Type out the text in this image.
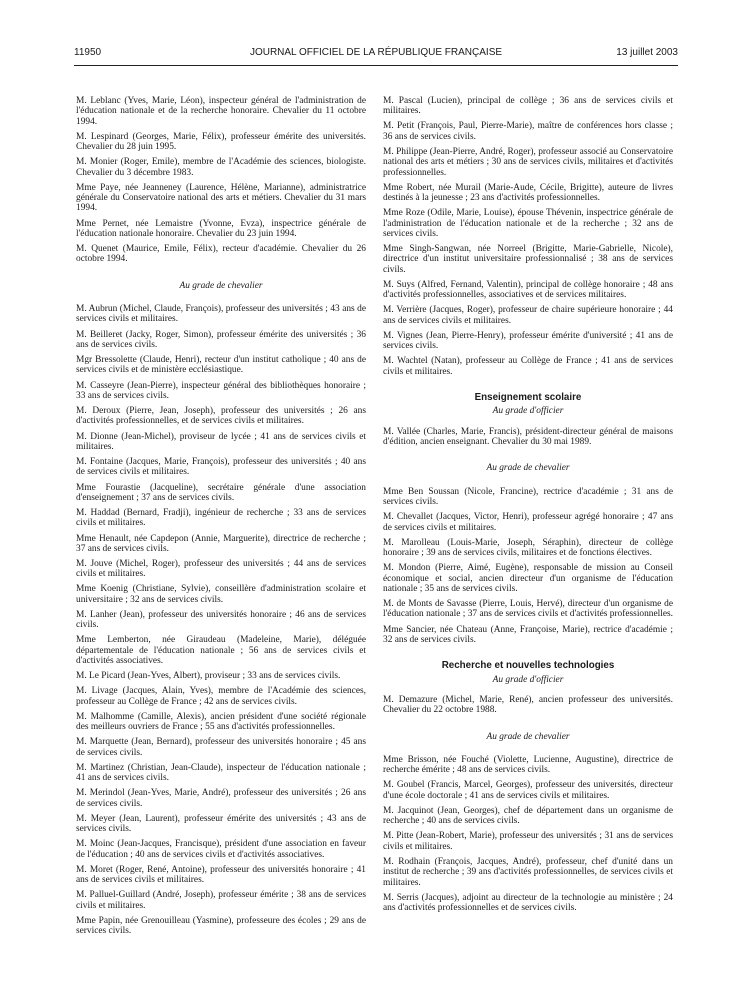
11950	JOURNAL OFFICIEL DE LA RÉPUBLIQUE FRANÇAISE	13 juillet 2003

M. Leblanc (Yves, Marie, Léon), inspecteur général de l'administration de l'éducation nationale et de la recherche honoraire. Chevalier du 11 octobre 1994.

M. Lespinard (Georges, Marie, Félix), professeur émérite des universités. Chevalier du 28 juin 1995.

M. Monier (Roger, Emile), membre de l'Académie des sciences, biologiste. Chevalier du 3 décembre 1983.

Mme Paye, née Jeanneney (Laurence, Hélène, Marianne), administratrice générale du Conservatoire national des arts et métiers. Chevalier du 31 mars 1994.

Mme Pernet, née Lemaistre (Yvonne, Evza), inspectrice générale de l'éducation nationale honoraire. Chevalier du 23 juin 1994.

M. Quenet (Maurice, Emile, Félix), recteur d'académie. Chevalier du 26 octobre 1994.

Au grade de chevalier

M. Aubrun (Michel, Claude, François), professeur des universités ; 43 ans de services civils et militaires.

M. Beilleret (Jacky, Roger, Simon), professeur émérite des universités ; 36 ans de services civils.

Mgr Bressolette (Claude, Henri), recteur d'un institut catholique ; 40 ans de services civils et de ministère ecclésiastique.

M. Casseyre (Jean-Pierre), inspecteur général des bibliothèques honoraire ; 33 ans de services civils.

M. Deroux (Pierre, Jean, Joseph), professeur des universités ; 26 ans d'activités professionnelles, et de services civils et militaires.

M. Dionne (Jean-Michel), proviseur de lycée ; 41 ans de services civils et militaires.

M. Fontaine (Jacques, Marie, François), professeur des universités ; 40 ans de services civils et militaires.

Mme Fourastie (Jacqueline), secrétaire générale d'une association d'enseignement ; 37 ans de services civils.

M. Haddad (Bernard, Fradji), ingénieur de recherche ; 33 ans de services civils et militaires.

Mme Henault, née Capdepon (Annie, Marguerite), directrice de recherche ; 37 ans de services civils.

M. Jouve (Michel, Roger), professeur des universités ; 44 ans de services civils et militaires.

Mme Koenig (Christiane, Sylvie), conseillère d'administration scolaire et universitaire ; 32 ans de services civils.

M. Lanher (Jean), professeur des universités honoraire ; 46 ans de services civils.

Mme Lemberton, née Giraudeau (Madeleine, Marie), déléguée départementale de l'éducation nationale ; 56 ans de services civils et d'activités associatives.

M. Le Picard (Jean-Yves, Albert), proviseur ; 33 ans de services civils.

M. Livage (Jacques, Alain, Yves), membre de l'Académie des sciences, professeur au Collège de France ; 42 ans de services civils.

M. Malhomme (Camille, Alexis), ancien président d'une société régionale des meilleurs ouvriers de France ; 55 ans d'activités professionnelles.

M. Marquette (Jean, Bernard), professeur des universités honoraire ; 45 ans de services civils.

M. Martinez (Christian, Jean-Claude), inspecteur de l'éducation nationale ; 41 ans de services civils.

M. Merindol (Jean-Yves, Marie, André), professeur des universités ; 26 ans de services civils.

M. Meyer (Jean, Laurent), professeur émérite des universités ; 43 ans de services civils.

M. Moinc (Jean-Jacques, Francisque), président d'une association en faveur de l'éducation ; 40 ans de services civils et d'activités associatives.

M. Moret (Roger, René, Antoine), professeur des universités honoraire ; 41 ans de services civils et militaires.

M. Palluel-Guillard (André, Joseph), professeur émérite ; 38 ans de services civils et militaires.

Mme Papin, née Grenouilleau (Yasmine), professeure des écoles ; 29 ans de services civils.

M. Pascal (Lucien), principal de collège ; 36 ans de services civils et militaires.

M. Petit (François, Paul, Pierre-Marie), maître de conférences hors classe ; 36 ans de services civils.

M. Philippe (Jean-Pierre, André, Roger), professeur associé au Conservatoire national des arts et métiers ; 30 ans de services civils, militaires et d'activités professionnelles.

Mme Robert, née Murail (Marie-Aude, Cécile, Brigitte), auteure de livres destinés à la jeunesse ; 23 ans d'activités professionnelles.

Mme Roze (Odile, Marie, Louise), épouse Thévenin, inspectrice générale de l'administration de l'éducation nationale et de la recherche ; 32 ans de services civils.

Mme Singh-Sangwan, née Norreel (Brigitte, Marie-Gabrielle, Nicole), directrice d'un institut universitaire professionnalisé ; 38 ans de services civils.

M. Suys (Alfred, Fernand, Valentin), principal de collège honoraire ; 48 ans d'activités professionnelles, associatives et de services militaires.

M. Verrière (Jacques, Roger), professeur de chaire supérieure honoraire ; 44 ans de services civils et militaires.

M. Vignes (Jean, Pierre-Henry), professeur émérite d'université ; 41 ans de services civils.

M. Wachtel (Natan), professeur au Collège de France ; 41 ans de services civils et militaires.

Enseignement scolaire
Au grade d'officier

M. Vallée (Charles, Marie, Francis), président-directeur général de maisons d'édition, ancien enseignant. Chevalier du 30 mai 1989.

Au grade de chevalier

Mme Ben Soussan (Nicole, Francine), rectrice d'académie ; 31 ans de services civils.

M. Chevallet (Jacques, Victor, Henri), professeur agrégé honoraire ; 47 ans de services civils et militaires.

M. Marolleau (Louis-Marie, Joseph, Séraphin), directeur de collège honoraire ; 39 ans de services civils, militaires et de fonctions électives.

M. Mondon (Pierre, Aimé, Eugène), responsable de mission au Conseil économique et social, ancien directeur d'un organisme de l'éducation nationale ; 35 ans de services civils.

M. de Monts de Savasse (Pierre, Louis, Hervé), directeur d'un organisme de l'éducation nationale ; 37 ans de services civils et d'activités professionnelles.

Mme Sancier, née Chateau (Anne, Françoise, Marie), rectrice d'académie ; 32 ans de services civils.

Recherche et nouvelles technologies
Au grade d'officier

M. Demazure (Michel, Marie, René), ancien professeur des universités. Chevalier du 22 octobre 1988.

Au grade de chevalier

Mme Brisson, née Fouché (Violette, Lucienne, Augustine), directrice de recherche émérite ; 48 ans de services civils.

M. Goubel (Francis, Marcel, Georges), professeur des universités, directeur d'une école doctorale ; 41 ans de services civils et militaires.

M. Jacquinot (Jean, Georges), chef de département dans un organisme de recherche ; 40 ans de services civils.

M. Pitte (Jean-Robert, Marie), professeur des universités ; 31 ans de services civils et militaires.

M. Rodhain (François, Jacques, André), professeur, chef d'unité dans un institut de recherche ; 39 ans d'activités professionnelles, de services civils et militaires.

M. Serris (Jacques), adjoint au directeur de la technologie au ministère ; 24 ans d'activités professionnelles et de services civils.
